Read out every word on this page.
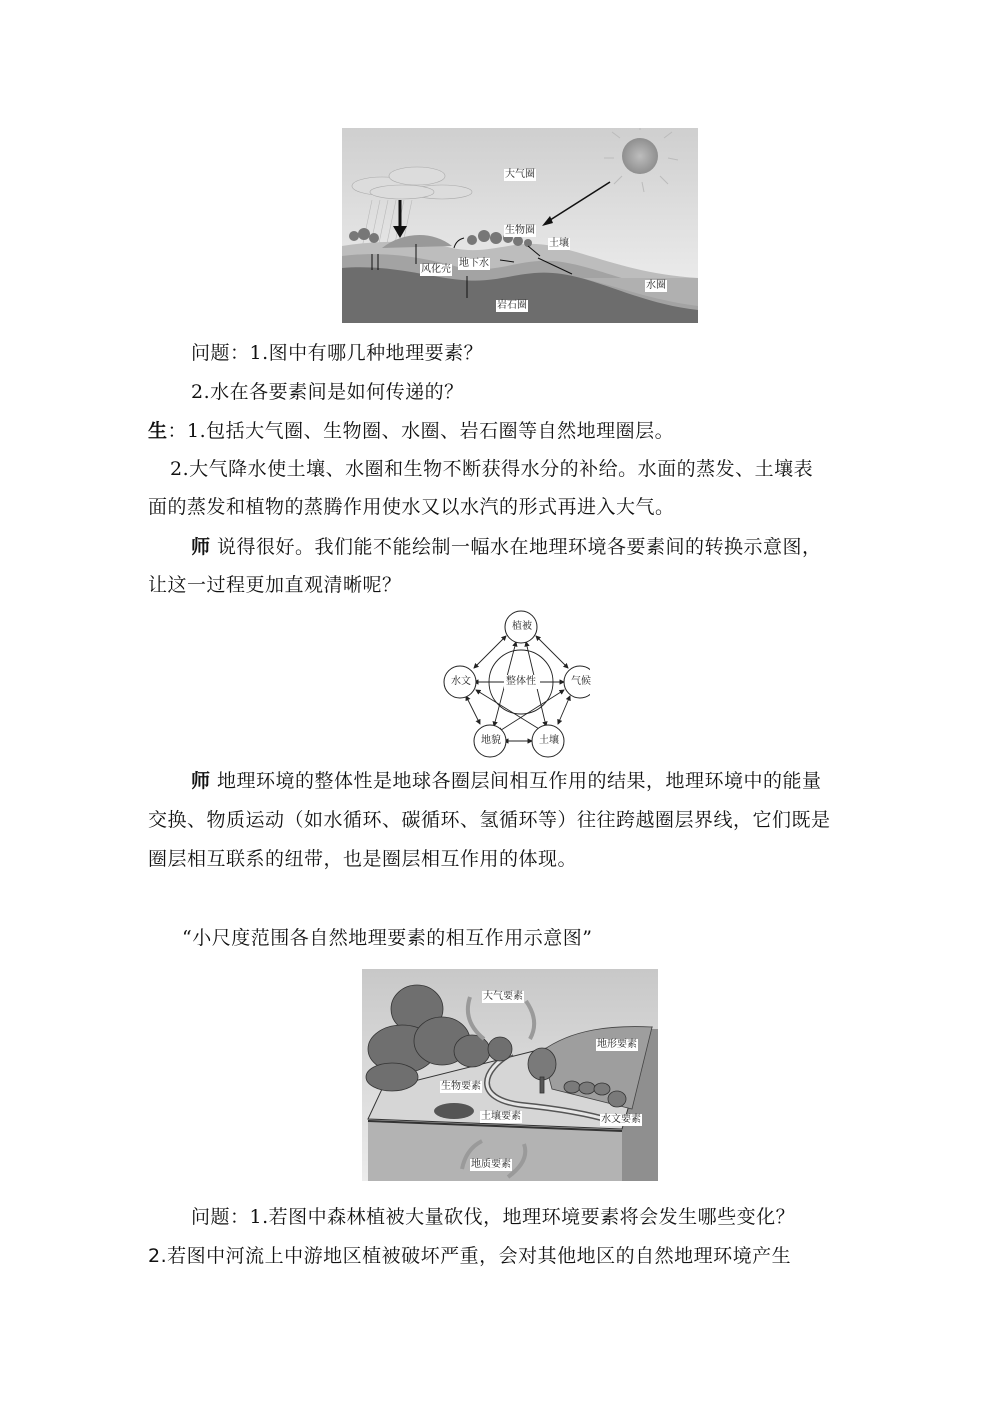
大气圈
生物圈
土壤
风化壳
地下水
水圈
岩石圈
问题：1.图中有哪几种地理要素？
2.水在各要素间是如何传递的？
生：1.包括大气圈、生物圈、水圈、岩石圈等自然地理圈层。
2.大气降水使土壤、水圈和生物不断获得水分的补给。水面的蒸发、土壤表
面的蒸发和植物的蒸腾作用使水又以水汽的形式再进入大气。
师 说得很好。我们能不能绘制一幅水在地理环境各要素间的转换示意图，
让这一过程更加直观清晰呢？
植被
水文	气候
地貌	土壤
整体性
师 地理环境的整体性是地球各圈层间相互作用的结果，地理环境中的能量
交换、物质运动（如水循环、碳循环、氢循环等）往往跨越圈层界线，它们既是
圈层相互联系的纽带，也是圈层相互作用的体现。
“小尺度范围各自然地理要素的相互作用示意图”
大气要素
地形要素
生物要素
土壤要素	水文要素
地质要素
问题：1.若图中森林植被大量砍伐，地理环境要素将会发生哪些变化？
2.若图中河流上中游地区植被破坏严重，会对其他地区的自然地理环境产生
